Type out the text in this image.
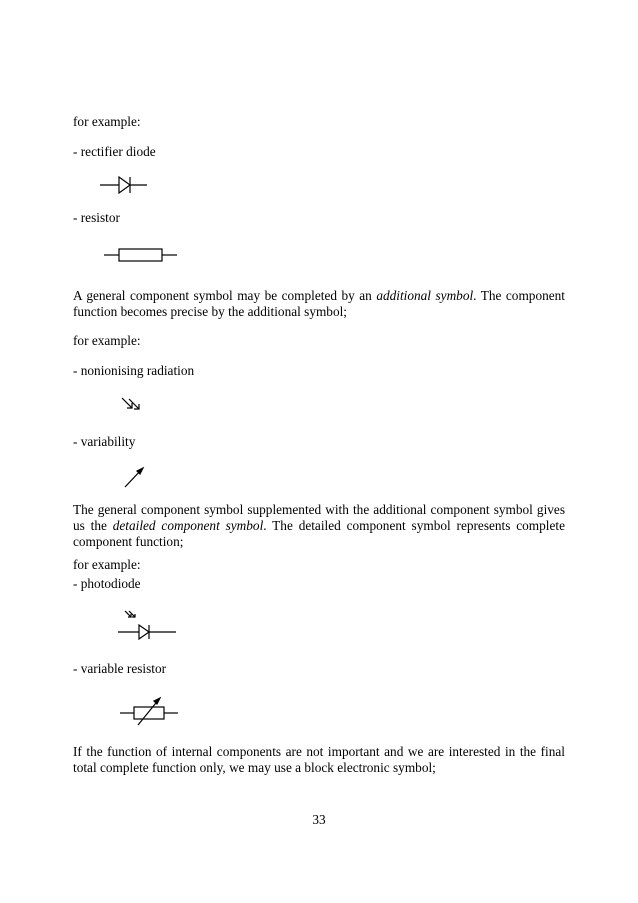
for example:
- rectifier diode
- resistor
A general component symbol may be completed by an additional symbol. The component function becomes precise by the additional symbol;
for example:
- nonionising radiation
- variability
The general component symbol supplemented with the additional component symbol gives us the detailed component symbol. The detailed component symbol represents complete component function;
for example:
- photodiode
- variable resistor
If the function of internal components are not important and we are interested in the final total complete function only, we may use a block electronic symbol;
33
